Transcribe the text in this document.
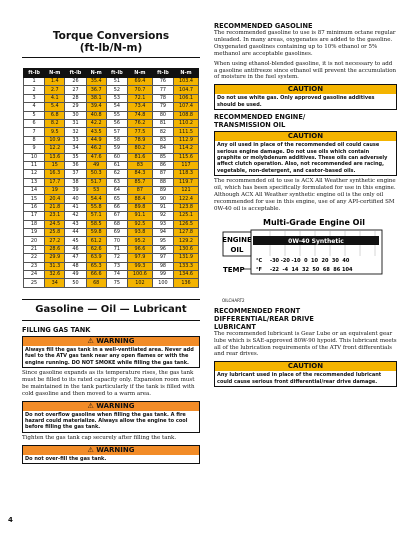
Torque Conversions
(ft-lb/N-m)

ft-lb	N-m	ft-lb	N-m	ft-lb	N-m	ft-lb	N-m
1	1.4	26	35.4	51	69.4	76	103.4
2	2.7	27	36.7	52	70.7	77	104.7
3	4.1	28	38.1	53	72.1	78	106.1
4	5.4	29	39.4	54	73.4	79	107.4
5	6.8	30	40.8	55	74.8	80	108.8
6	8.2	31	42.2	56	76.2	81	110.2
7	9.5	32	43.5	57	77.5	82	111.5
8	10.9	33	44.9	58	78.9	83	112.9
9	12.2	34	46.2	59	80.2	84	114.2
10	13.6	35	47.6	60	81.6	85	115.6
11	15	36	49	61	83	86	117
12	16.3	37	50.3	62	84.3	87	118.3
13	17.7	38	51.7	63	85.7	88	119.7
14	19	39	53	64	87	89	121
15	20.4	40	54.4	65	88.4	90	122.4
16	21.8	41	55.8	66	89.8	91	123.8
17	23.1	42	57.1	67	91.1	92	125.1
18	24.5	43	58.5	68	92.5	93	126.5
19	25.8	44	59.8	69	93.8	94	127.8
20	27.2	45	61.2	70	95.2	95	129.2
21	28.6	46	62.6	71	96.6	96	130.6
22	29.9	47	63.9	72	97.9	97	131.9
23	31.3	48	65.3	73	99.3	98	133.3
24	32.6	49	66.6	74	100.6	99	134.6
25	34	50	68	75	102	100	136

Gasoline — Oil — Lubricant

FILLING GAS TANK

⚠ WARNING
Always fill the gas tank in a well-ventilated area. Never add fuel to the ATV gas tank near any open flames or with the engine running. DO NOT SMOKE while filling the gas tank.

Since gasoline expands as its temperature rises, the gas tank must be filled to its rated capacity only. Expansion room must be maintained in the tank particularly if the tank is filled with cold gasoline and then moved to a warm area.

⚠ WARNING
Do not overflow gasoline when filling the gas tank. A fire hazard could materialize. Always allow the engine to cool before filling the gas tank.

Tighten the gas tank cap securely after filling the tank.

⚠ WARNING
Do not over-fill the gas tank.

RECOMMENDED GASOLINE

The recommended gasoline to use is 87 minimum octane regular unleaded. In many areas, oxygenates are added to the gasoline. Oxygenated gasolines containing up to 10% ethanol or 5% methanol are acceptable gasolines.

When using ethanol-blended gasoline, it is not necessary to add a gasoline antifreeze since ethanol will prevent the accumulation of moisture in the fuel system.

CAUTION
Do not use white gas. Only approved gasoline additives should be used.

RECOMMENDED ENGINE/
TRANSMISSION OIL

CAUTION
Any oil used in place of the recommended oil could cause serious engine damage. Do not use oils which contain graphite or molybdenum additives. These oils can adversely affect clutch operation. Also, not recommended are racing, vegetable, non-detergent, and castor-based oils.

The recommended oil to use is ACX All Weather synthetic engine oil, which has been specifically formulated for use in this engine. Although ACX All Weather synthetic engine oil is the only oil recommended for use in this engine, use of any API-certified SM 0W-40 oil is acceptable.

Multi-Grade Engine Oil
ENGINE
OIL
0W-40 Synthetic
TEMP
°C
°F
-30 -20 -10  0  10  20  30  40
-22  -4  14  32  50  68  86 104
OILCHART2

RECOMMENDED FRONT
DIFFERENTIAL/REAR DRIVE
LUBRICANT

The recommended lubricant is Gear Lube or an equivalent gear lube which is SAE-approved 80W-90 hypoid. This lubricant meets all of the lubrication requirements of the ATV front differentials and rear drives.

CAUTION
Any lubricant used in place of the recommended lubricant could cause serious front differential/rear drive damage.
4
